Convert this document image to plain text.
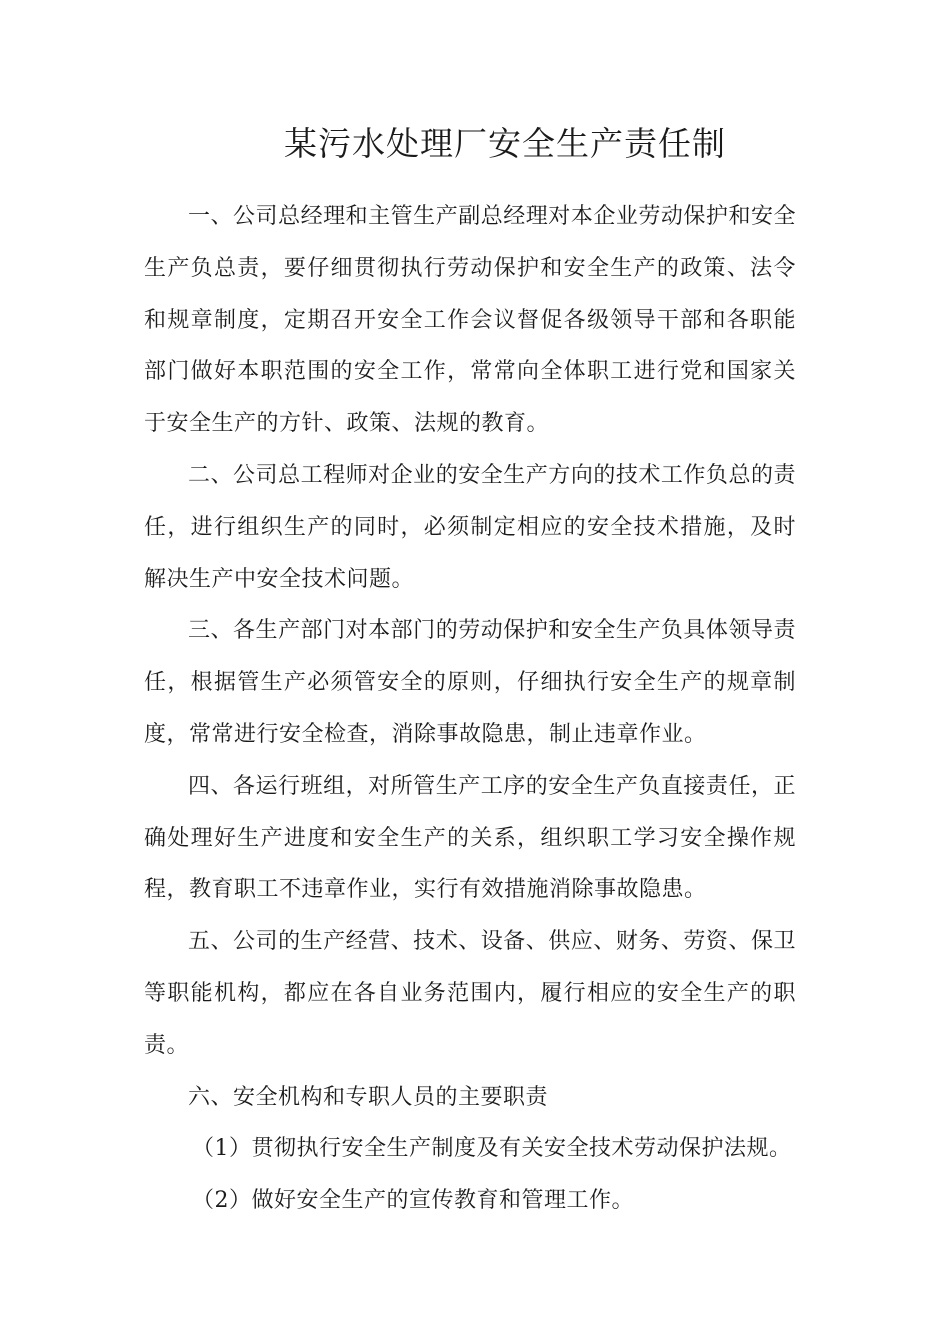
某污水处理厂安全生产责任制

一、公司总经理和主管生产副总经理对本企业劳动保护和安全生产负总责，要仔细贯彻执行劳动保护和安全生产的政策、法令和规章制度，定期召开安全工作会议督促各级领导干部和各职能部门做好本职范围的安全工作，常常向全体职工进行党和国家关于安全生产的方针、政策、法规的教育。

二、公司总工程师对企业的安全生产方向的技术工作负总的责任，进行组织生产的同时，必须制定相应的安全技术措施，及时解决生产中安全技术问题。

三、各生产部门对本部门的劳动保护和安全生产负具体领导责任，根据管生产必须管安全的原则，仔细执行安全生产的规章制度，常常进行安全检查，消除事故隐患，制止违章作业。

四、各运行班组，对所管生产工序的安全生产负直接责任，正确处理好生产进度和安全生产的关系，组织职工学习安全操作规程，教育职工不违章作业，实行有效措施消除事故隐患。

五、公司的生产经营、技术、设备、供应、财务、劳资、保卫等职能机构，都应在各自业务范围内，履行相应的安全生产的职责。

六、安全机构和专职人员的主要职责

（1）贯彻执行安全生产制度及有关安全技术劳动保护法规。

（2）做好安全生产的宣传教育和管理工作。
